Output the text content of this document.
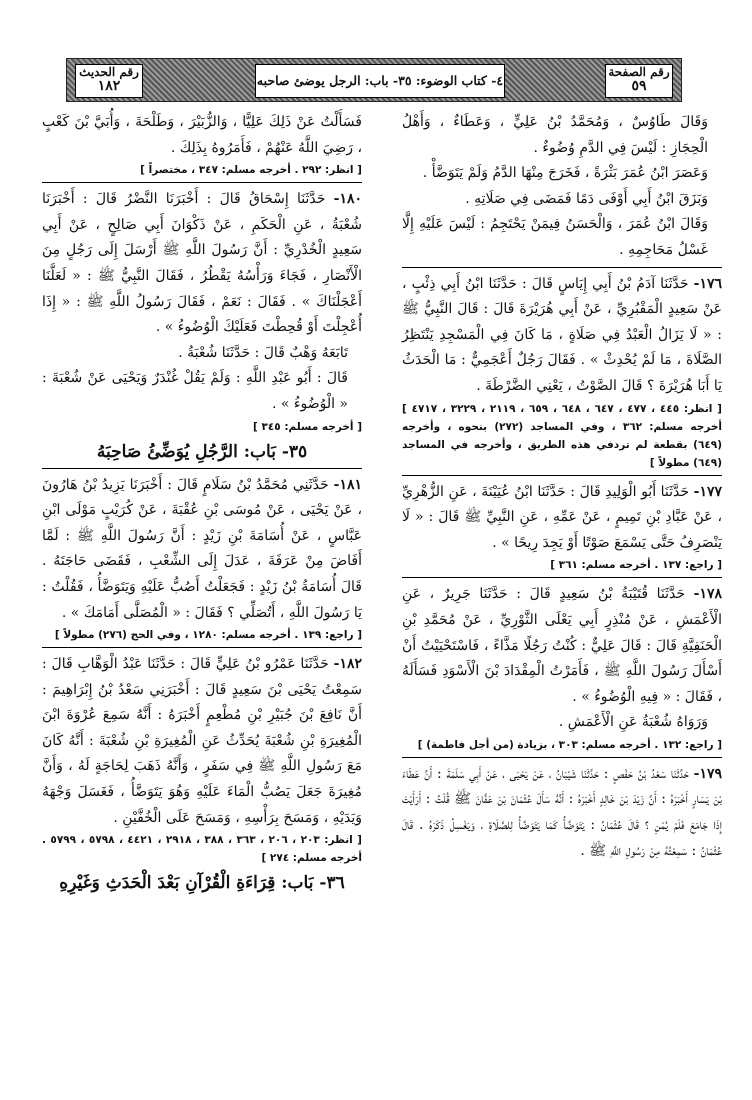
رقم الصفحة
٥٩
٤- كتاب الوضوء: ٣٥- باب: الرجل يوضئ صاحبه
رقم الحديث
١٨٢

وَقَالَ طَاوُسٌ ، وَمُحَمَّدُ بْنُ عَلِيٍّ ، وَعَطَاءٌ ، وَأَهْلُ الْحِجَازِ : لَيْسَ فِي الدَّمِ وُضُوءٌ .

وَعَصَرَ ابْنُ عُمَرَ بَثْرَةً ، فَخَرَجَ مِنْهَا الدَّمُ وَلَمْ يَتَوَضَّأْ .

وَبَزَقَ ابْنُ أَبِي أَوْفَى دَمًا فَمَضَى فِي صَلَاتِهِ .

وَقَالَ ابْنُ عُمَرَ ، وَالْحَسَنُ فِيمَنْ يَحْتَجِمُ : لَيْسَ عَلَيْهِ إِلَّا غَسْلُ مَحَاجِمِهِ .

١٧٦- حَدَّثَنَا آدَمُ بْنُ أَبِي إِيَاسٍ قَالَ : حَدَّثَنَا ابْنُ أَبِي ذِئْبٍ ، عَنْ سَعِيدٍ الْمَقْبُرِيِّ ، عَنْ أَبِي هُرَيْرَةَ قَالَ : قَالَ النَّبِيُّ ﷺ : « لَا يَزَالُ الْعَبْدُ فِي صَلَاةٍ ، مَا كَانَ فِي الْمَسْجِدِ يَنْتَظِرُ الصَّلَاةَ ، مَا لَمْ يُحْدِثْ » . فَقَالَ رَجُلٌ أَعْجَمِيٌّ : مَا الْحَدَثُ يَا أَبَا هُرَيْرَةَ ؟ قَالَ الصَّوْتُ ، يَعْنِي الضَّرْطَةَ .

[ انظر: ٤٤٥ ، ٤٧٧ ، ٦٤٧ ، ٦٤٨ ، ٦٥٩ ، ٢١١٩ ، ٣٢٢٩ ، ٤٧١٧ ] أخرجه مسلم: ٣٦٢ ، وفي المساجد (٢٧٢) بنحوه ، وأخرجه (٦٤٩) بقطعة لم تردفي هذه الطريق ، وأخرجه في المساجد (٦٤٩) مطولاً ]

١٧٧- حَدَّثَنَا أَبُو الْوَلِيدِ قَالَ : حَدَّثَنَا ابْنُ عُيَيْنَةَ ، عَنِ الزُّهْرِيِّ ، عَنْ عَبَّادِ بْنِ تَمِيمٍ ، عَنْ عَمِّهِ ، عَنِ النَّبِيِّ ﷺ قَالَ : « لَا يَنْصَرِفُ حَتَّى يَسْمَعَ صَوْتًا أَوْ يَجِدَ رِيحًا » .

[ راجع: ١٣٧ . أخرجه مسلم: ٣٦١ ]

١٧٨- حَدَّثَنَا قُتَيْبَةُ بْنُ سَعِيدٍ قَالَ : حَدَّثَنَا جَرِيرٌ ، عَنِ الْأَعْمَشِ ، عَنْ مُنْذِرٍ أَبِي يَعْلَى الثَّوْرِيِّ ، عَنْ مُحَمَّدِ بْنِ الْحَنَفِيَّةِ قَالَ : قَالَ عَلِيٌّ : كُنْتُ رَجُلًا مَذَّاءً ، فَاسْتَحْيَيْتُ أَنْ أَسْأَلَ رَسُولَ اللَّهِ ﷺ ، فَأَمَرْتُ الْمِقْدَادَ بْنَ الْأَسْوَدِ فَسَأَلَهُ ، فَقَالَ : « فِيهِ الْوُضُوءُ » .

وَرَوَاهُ شُعْبَةُ عَنِ الْأَعْمَشِ .

[ راجع: ١٣٢ . أخرجه مسلم: ٣٠٣ ، بزيادة (من أجل فاطمة) ]

١٧٩- حَدَّثَنَا سَعْدُ بْنُ حَفْصٍ : حَدَّثَنَا شَيْبَانُ ، عَنْ يَحْيَى ، عَنْ أَبِي سَلَمَةَ : أَنَّ عَطَاءَ بْنَ يَسَارٍ أَخْبَرَهُ : أَنَّ زَيْدَ بْنَ خَالِدٍ أَخْبَرَهُ : أَنَّهُ سَأَلَ عُثْمَانَ بْنَ عَفَّانَ ﷺ قُلْتُ : أَرَأَيْتَ إِذَا جَامَعَ فَلَمْ يُمْنِ ؟ قَالَ عُثْمَانُ : يَتَوَضَّأُ كَمَا يَتَوَضَّأُ لِلصَّلَاةِ ، وَيَغْسِلُ ذَكَرَهُ . قَالَ عُثْمَانُ : سَمِعْتُهُ مِنْ رَسُولِ اللَّهِ ﷺ .

فَسَأَلْتُ عَنْ ذَلِكَ عَلِيًّا ، وَالزُّبَيْرَ ، وَطَلْحَةَ ، وَأُبَيَّ بْنَ كَعْبٍ ، رَضِيَ اللَّهُ عَنْهُمْ ، فَأَمَرُوهُ بِذَلِكَ .

[ انظر: ٢٩٢ . أخرجه مسلم: ٣٤٧ ، مختصراً ]

١٨٠- حَدَّثَنَا إِسْحَاقُ قَالَ : أَخْبَرَنَا النَّضْرُ قَالَ : أَخْبَرَنَا شُعْبَةُ ، عَنِ الْحَكَمِ ، عَنْ ذَكْوَانَ أَبِي صَالِحٍ ، عَنْ أَبِي سَعِيدٍ الْخُدْرِيِّ : أَنَّ رَسُولَ اللَّهِ ﷺ أَرْسَلَ إِلَى رَجُلٍ مِنَ الْأَنْصَارِ ، فَجَاءَ وَرَأْسُهُ يَقْطُرُ ، فَقَالَ النَّبِيُّ ﷺ : « لَعَلَّنَا أَعْجَلْنَاكَ » . فَقَالَ : نَعَمْ ، فَقَالَ رَسُولُ اللَّهِ ﷺ : « إِذَا أُعْجِلْتَ أَوْ قُحِطْتَ فَعَلَيْكَ الْوُضُوءُ » .

تَابَعَهُ وَهْبٌ قَالَ : حَدَّثَنَا شُعْبَةُ .

قَالَ : أَبُو عَبْدِ اللَّهِ : وَلَمْ يَقُلْ غُنْدَرٌ وَيَحْيَى عَنْ شُعْبَةَ : « الْوُضُوءُ » .

[ أخرجه مسلم: ٣٤٥ ]

٣٥- بَاب: الرَّجُلِ يُوَضِّئُ صَاحِبَهُ

١٨١- حَدَّثَنِي مُحَمَّدُ بْنُ سَلَامٍ قَالَ : أَخْبَرَنَا يَزِيدُ بْنُ هَارُونَ ، عَنْ يَحْيَى ، عَنْ مُوسَى بْنِ عُقْبَةَ ، عَنْ كُرَيْبٍ مَوْلَى ابْنِ عَبَّاسٍ ، عَنْ أُسَامَةَ بْنِ زَيْدٍ : أَنَّ رَسُولَ اللَّهِ ﷺ : لَمَّا أَفَاضَ مِنْ عَرَفَةَ ، عَدَلَ إِلَى الشِّعْبِ ، فَقَضَى حَاجَتَهُ . قَالَ أُسَامَةُ بْنُ زَيْدٍ : فَجَعَلْتُ أَصُبُّ عَلَيْهِ وَيَتَوَضَّأُ ، فَقُلْتُ : يَا رَسُولَ اللَّهِ ، أَتُصَلِّي ؟ فَقَالَ : « الْمُصَلَّى أَمَامَكَ » .

[ راجع: ١٣٩ . أخرجه مسلم: ١٢٨٠ ، وفي الحج (٢٧٦) مطولاً ]

١٨٢- حَدَّثَنَا عَمْرُو بْنُ عَلِيٍّ قَالَ : حَدَّثَنَا عَبْدُ الْوَهَّابِ قَالَ : سَمِعْتُ يَحْيَى بْنَ سَعِيدٍ قَالَ : أَخْبَرَنِي سَعْدُ بْنُ إِبْرَاهِيمَ : أَنَّ نَافِعَ بْنَ جُبَيْرِ بْنِ مُطْعِمٍ أَخْبَرَهُ : أَنَّهُ سَمِعَ عُرْوَةَ ابْنَ الْمُغِيرَةِ بْنِ شُعْبَةَ يُحَدِّثُ عَنِ الْمُغِيرَةِ بْنِ شُعْبَةَ : أَنَّهُ كَانَ مَعَ رَسُولِ اللَّهِ ﷺ فِي سَفَرٍ ، وَأَنَّهُ ذَهَبَ لِحَاجَةٍ لَهُ ، وَأَنَّ مُغِيرَةَ جَعَلَ يَصُبُّ الْمَاءَ عَلَيْهِ وَهُوَ يَتَوَضَّأُ ، فَغَسَلَ وَجْهَهُ وَيَدَيْهِ ، وَمَسَحَ بِرَأْسِهِ ، وَمَسَحَ عَلَى الْخُفَّيْنِ .

[ انظر: ٢٠٣ ، ٢٠٦ ، ٣٦٣ ، ٣٨٨ ، ٢٩١٨ ، ٤٤٢١ ، ٥٧٩٨ ، ٥٧٩٩ . أخرجه مسلم: ٢٧٤ ]

٣٦- بَاب: قِرَاءَةِ الْقُرْآنِ بَعْدَ الْحَدَثِ وَغَيْرِهِ
